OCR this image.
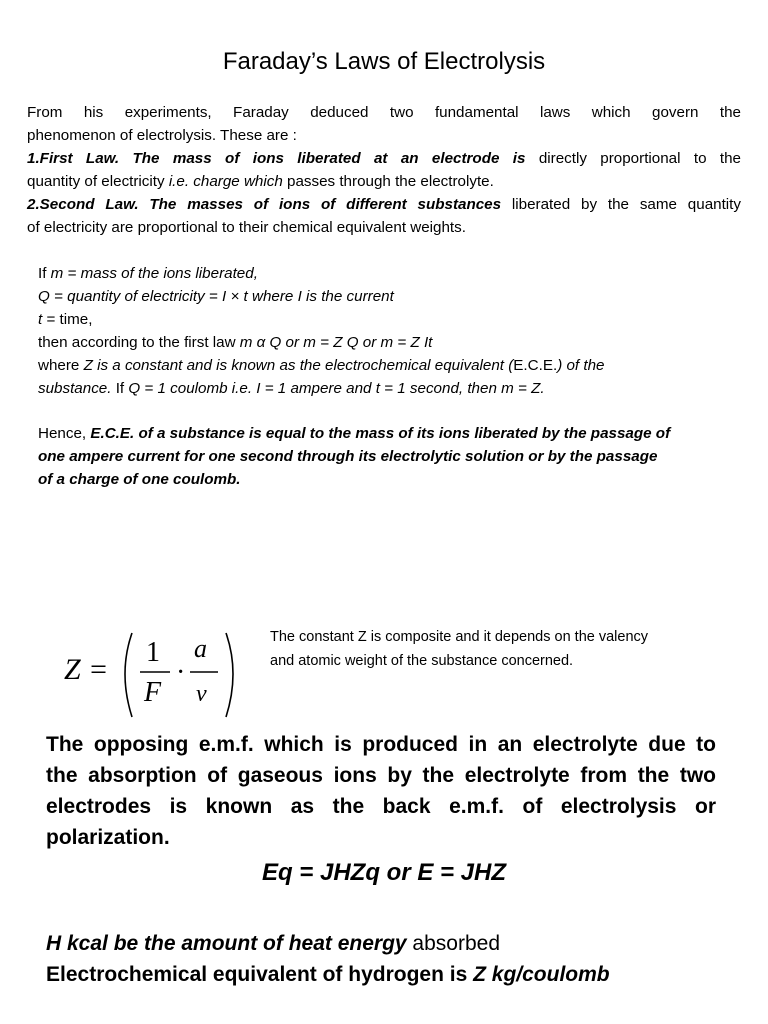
Faraday’s Laws of Electrolysis
From his experiments, Faraday deduced two fundamental laws which govern the
phenomenon of electrolysis. These are :
1.First Law. The mass of ions liberated at an electrode is directly proportional to the
quantity of electricity i.e. charge which passes through the electrolyte.
2.Second Law. The masses of ions of different substances liberated by the same quantity
of electricity are proportional to their chemical equivalent weights.
If m = mass of the ions liberated,
Q = quantity of electricity = I × t where I is the current
t = time,
then according to the first law m α Q or m = Z Q or m = Z It
where Z is a constant and is known as the electrochemical equivalent (E.C.E.) of the
substance. If Q = 1 coulomb i.e. I = 1 ampere and t = 1 second, then m = Z.
Hence, E.C.E. of a substance is equal to the mass of its ions liberated by the passage of
one ampere current for one second through its electrolytic solution or by the passage
of a charge of one coulomb.
Z =
1
F
·
a
v
The constant Z is composite and it depends on the valency
and atomic weight of the substance concerned.
The opposing e.m.f. which is produced in an electrolyte due to
the absorption of gaseous ions by the electrolyte from the two
electrodes is known as the back e.m.f. of electrolysis or
polarization.
Eq = JHZq or E = JHZ
H kcal be the amount of heat energy absorbed
Electrochemical equivalent of hydrogen is Z kg/coulomb
